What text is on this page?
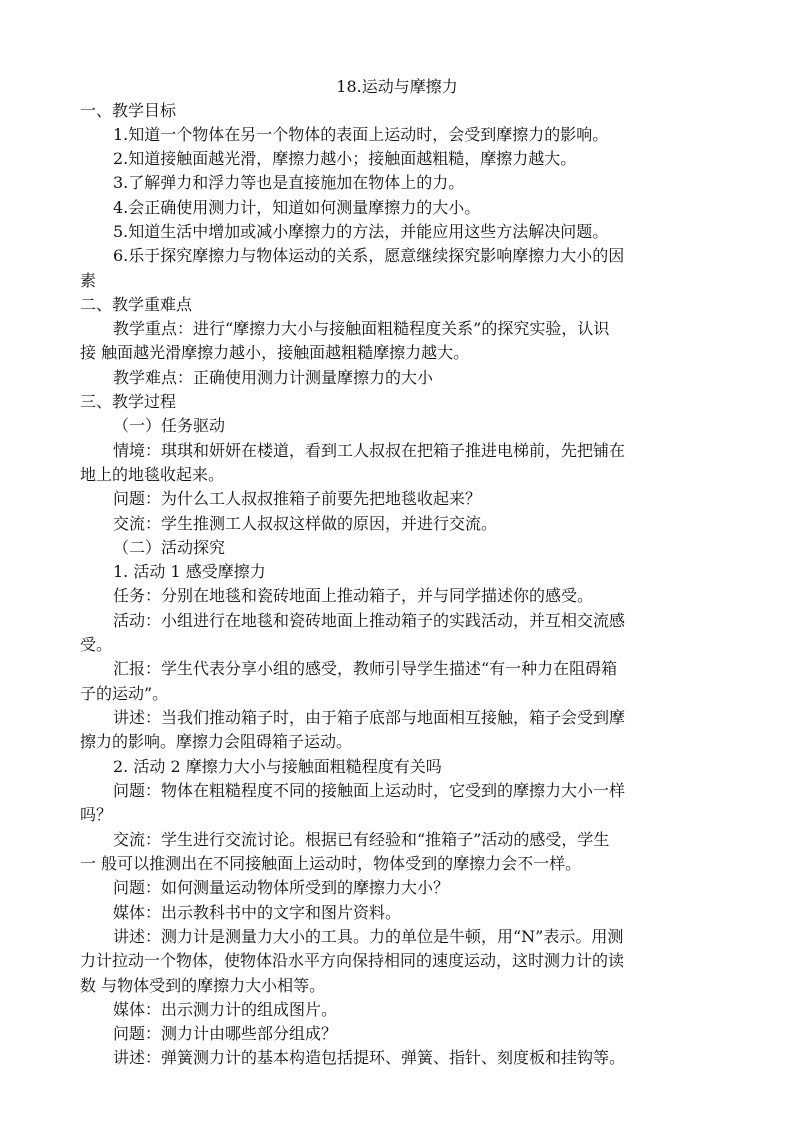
18.运动与摩擦力
一、教学目标
1.知道一个物体在另一个物体的表面上运动时，会受到摩擦力的影响。
2.知道接触面越光滑，摩擦力越小；接触面越粗糙，摩擦力越大。
3.了解弹力和浮力等也是直接施加在物体上的力。
4.会正确使用测力计，知道如何测量摩擦力的大小。
5.知道生活中增加或减小摩擦力的方法，并能应用这些方法解决问题。
6.乐于探究摩擦力与物体运动的关系，愿意继续探究影响摩擦力大小的因
素
二、教学重难点
教学重点：进行“摩擦力大小与接触面粗糙程度关系”的探究实验，认识
接 触面越光滑摩擦力越小，接触面越粗糙摩擦力越大。
教学难点：正确使用测力计测量摩擦力的大小
三、教学过程
（一）任务驱动
情境：琪琪和妍妍在楼道，看到工人叔叔在把箱子推进电梯前，先把铺在
地上的地毯收起来。
问题：为什么工人叔叔推箱子前要先把地毯收起来？
交流：学生推测工人叔叔这样做的原因，并进行交流。
（二）活动探究
1. 活动 1 感受摩擦力
任务：分别在地毯和瓷砖地面上推动箱子，并与同学描述你的感受。
活动：小组进行在地毯和瓷砖地面上推动箱子的实践活动，并互相交流感
受。
汇报：学生代表分享小组的感受，教师引导学生描述“有一种力在阻碍箱
子的运动”。
讲述：当我们推动箱子时，由于箱子底部与地面相互接触，箱子会受到摩
擦力的影响。摩擦力会阻碍箱子运动。
2. 活动 2 摩擦力大小与接触面粗糙程度有关吗
问题：物体在粗糙程度不同的接触面上运动时，它受到的摩擦力大小一样
吗？
交流：学生进行交流讨论。根据已有经验和“推箱子”活动的感受，学生
一 般可以推测出在不同接触面上运动时，物体受到的摩擦力会不一样。
问题：如何测量运动物体所受到的摩擦力大小？
媒体：出示教科书中的文字和图片资料。
讲述：测力计是测量力大小的工具。力的单位是牛顿，用“N”表示。用测
力计拉动一个物体，使物体沿水平方向保持相同的速度运动，这时测力计的读
数 与物体受到的摩擦力大小相等。
媒体：出示测力计的组成图片。
问题：测力计由哪些部分组成？
讲述：弹簧测力计的基本构造包括提环、弹簧、指针、刻度板和挂钩等。
